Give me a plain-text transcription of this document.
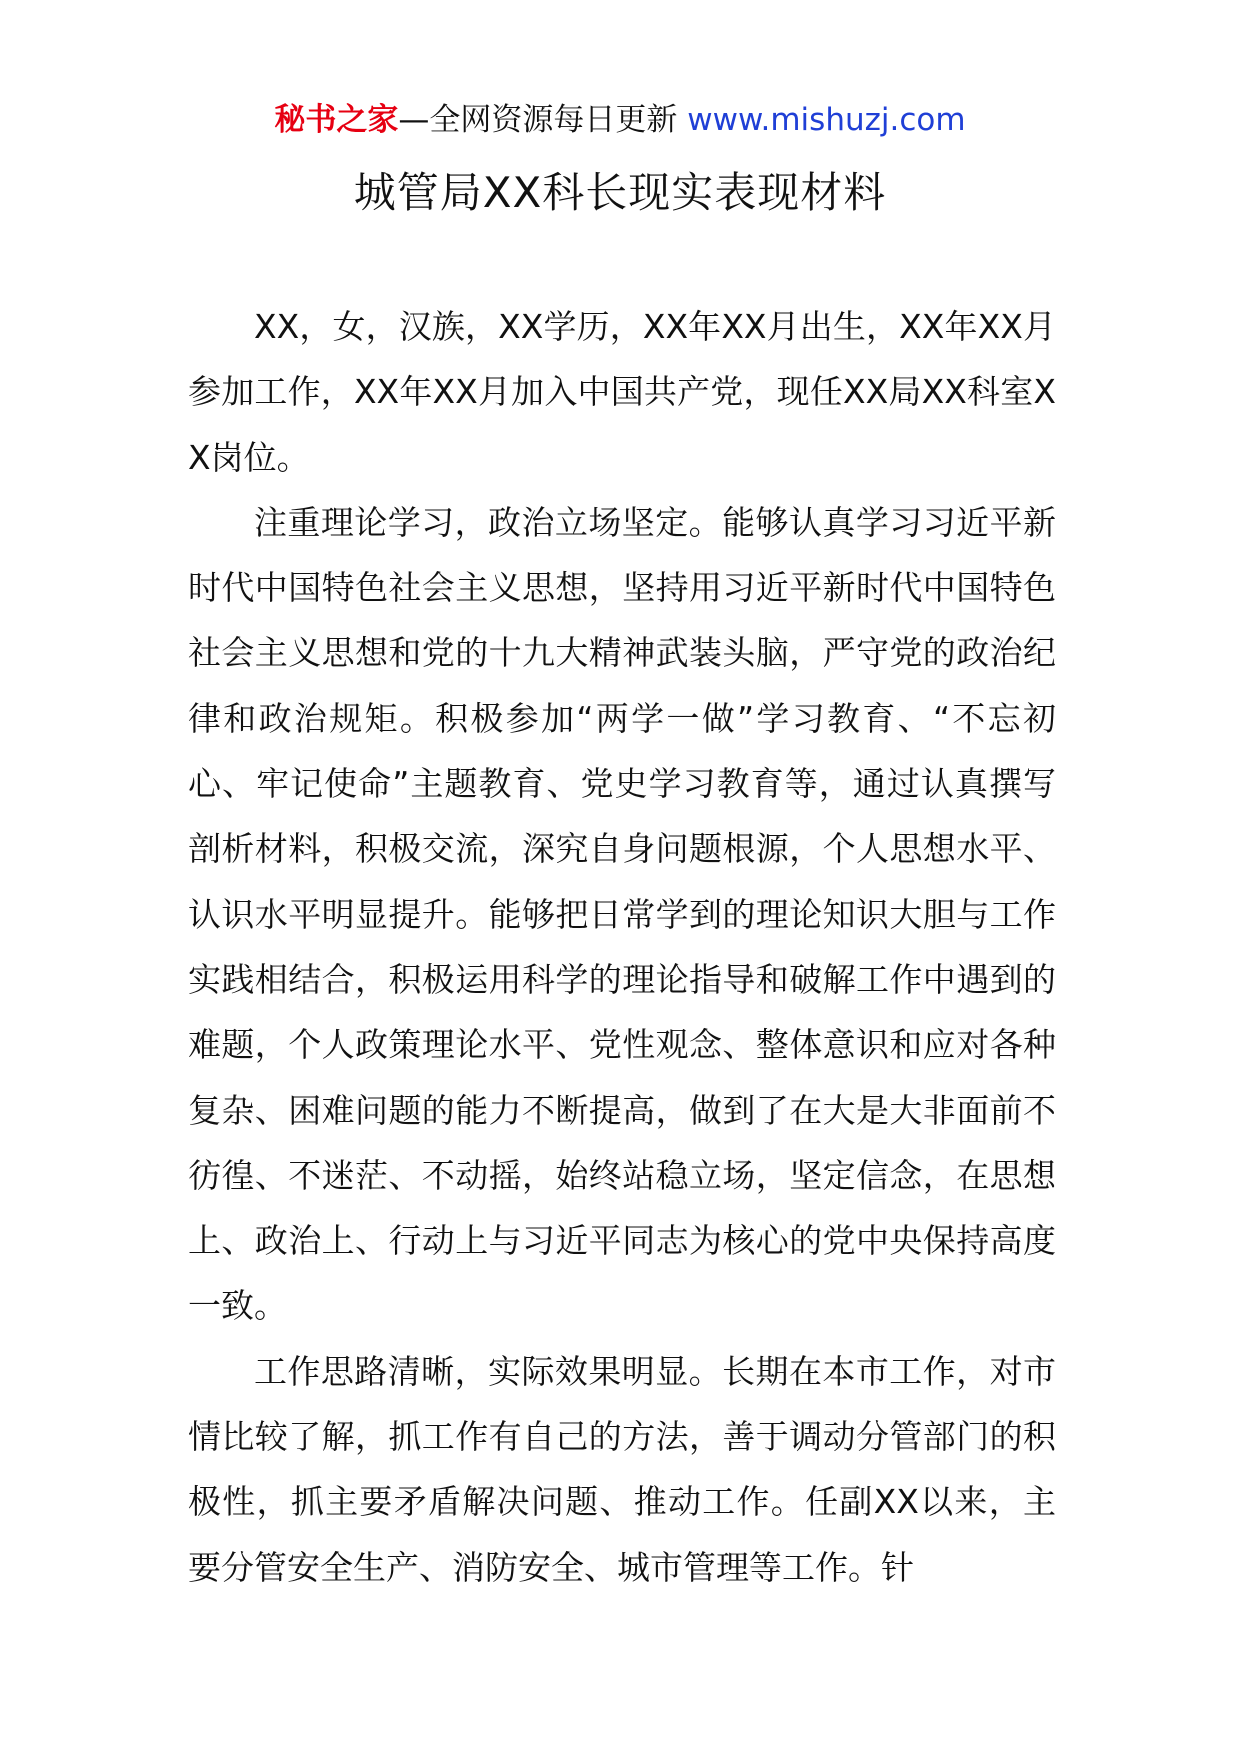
秘书之家—全网资源每日更新 www.mishuzj.com
城管局XX科长现实表现材料

XX，女，汉族，XX学历，XX年XX月出生，XX年XX月参加工作，XX年XX月加入中国共产党，现任XX局XX科室XX岗位。

注重理论学习，政治立场坚定。能够认真学习习近平新时代中国特色社会主义思想，坚持用习近平新时代中国特色社会主义思想和党的十九大精神武装头脑，严守党的政治纪律和政治规矩。积极参加“两学一做”学习教育、“不忘初心、牢记使命”主题教育、党史学习教育等，通过认真撰写剖析材料，积极交流，深究自身问题根源，个人思想水平、认识水平明显提升。能够把日常学到的理论知识大胆与工作实践相结合，积极运用科学的理论指导和破解工作中遇到的难题，个人政策理论水平、党性观念、整体意识和应对各种复杂、困难问题的能力不断提高，做到了在大是大非面前不彷徨、不迷茫、不动摇，始终站稳立场，坚定信念，在思想上、政治上、行动上与习近平同志为核心的党中央保持高度一致。

工作思路清晰，实际效果明显。长期在本市工作，对市情比较了解，抓工作有自己的方法，善于调动分管部门的积极性，抓主要矛盾解决问题、推动工作。任副XX以来，主要分管安全生产、消防安全、城市管理等工作。针
